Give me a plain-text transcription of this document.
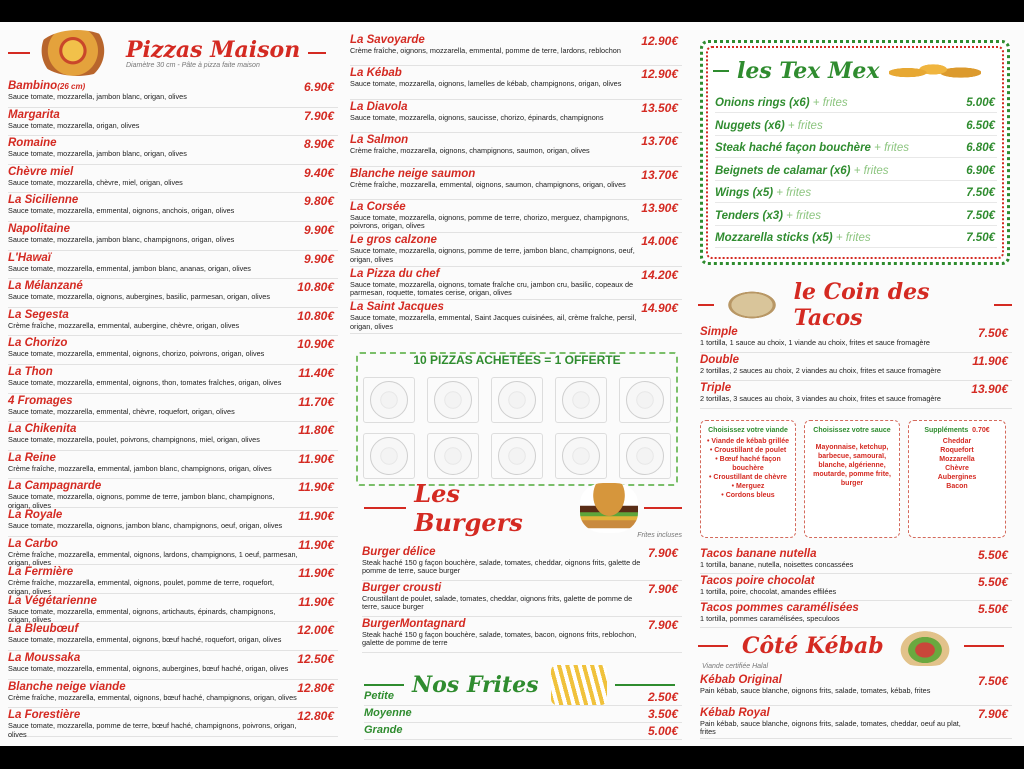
Pizzas Maison
Diamètre 30 cm - Pâte à pizza faite maison
Bambino(26 cm)
Sauce tomate, mozzarella, jambon blanc, origan, olives
6.90€
Margarita
Sauce tomate, mozzarella, origan, olives
7.90€
Romaine
Sauce tomate, mozzarella, jambon blanc, origan, olives
8.90€
Chèvre miel
Sauce tomate, mozzarella, chèvre, miel, origan, olives
9.40€
La Sicilienne
Sauce tomate, mozzarella, emmental, oignons, anchois, origan, olives
9.80€
Napolitaine
Sauce tomate, mozzarella, jambon blanc, champignons, origan, olives
9.90€
L'Hawaï
Sauce tomate, mozzarella, emmental, jambon blanc, ananas, origan, olives
9.90€
La Mélanzané
Sauce tomate, mozzarella, oignons, aubergines, basilic, parmesan, origan, olives
10.80€
La Segesta
Crème fraîche, mozzarella, emmental, aubergine, chèvre, origan, olives
10.80€
La Chorizo
Sauce tomate, mozzarella, emmental, oignons, chorizo, poivrons, origan, olives
10.90€
La Thon
Sauce tomate, mozzarella, emmental, oignons, thon, tomates fraîches, origan, olives
11.40€
4 Fromages
Sauce tomate, mozzarella, emmental, chèvre, roquefort, origan, olives
11.70€
La Chikenita
Sauce tomate, mozzarella, poulet, poivrons, champignons, miel, origan, olives
11.80€
La Reine
Crème fraîche, mozzarella, emmental, jambon blanc, champignons, origan, olives
11.90€
La Campagnarde
Sauce tomate, mozzarella, oignons, pomme de terre, jambon blanc, champignons, origan, olives
11.90€
La Royale
Sauce tomate, mozzarella, oignons, jambon blanc, champignons, oeuf, origan, olives
11.90€
La Carbo
Crème fraîche, mozzarella, emmental, oignons, lardons, champignons, 1 oeuf, parmesan, origan, olives
11.90€
La Fermière
Crème fraîche, mozzarella, emmental, oignons, poulet, pomme de terre, roquefort, origan, olives
11.90€
La Végétarienne
Sauce tomate, mozzarella, emmental, oignons, artichauts, épinards, champignons, origan, olives
11.90€
La Bleubœuf
Sauce tomate, mozzarella, emmental, oignons, bœuf haché, roquefort, origan, olives
12.00€
La Moussaka
Sauce tomate, mozzarella, emmental, oignons, aubergines, bœuf haché, origan, olives
12.50€
Blanche neige viande
Crème fraîche, mozzarella, emmental, oignons, bœuf haché, champignons, origan, olives
12.80€
La Forestière
Sauce tomate, mozzarella, pomme de terre, bœuf haché, champignons, poivrons, origan, olives
12.80€
La Savoyarde
Crème fraîche, oignons, mozzarella, emmental, pomme de terre, lardons, reblochon
12.90€
La Kébab
Sauce tomate, mozzarella, oignons, lamelles de kébab, champignons, origan, olives
12.90€
La Diavola
Sauce tomate, mozzarella, oignons, saucisse, chorizo, épinards, champignons
13.50€
La Salmon
Crème fraîche, mozzarella, oignons, champignons, saumon, origan, olives
13.70€
Blanche neige saumon
Crème fraîche, mozzarella, emmental, oignons, saumon, champignons, origan, olives
13.70€
La Corsée
Sauce tomate, mozzarella, oignons, pomme de terre, chorizo, merguez, champignons, poivrons, origan, olives
13.90€
Le gros calzone
Sauce tomate, mozzarella, oignons, pomme de terre, jambon blanc, champignons, oeuf, origan, olives
14.00€
La Pizza du chef
Sauce tomate, mozzarella, oignons, tomate fraîche cru, jambon cru, basilic, copeaux de parmesan, roquette, tomates cerise, origan, olives
14.20€
La Saint Jacques
Sauce tomate, mozzarella, emmental, Saint Jacques cuisinées, ail, crème fraîche, persil, origan, olives
14.90€
10 PIZZAS ACHETÉES = 1 OFFERTE
Les Burgers	Frites incluses
Burger délice
Steak haché 150 g façon bouchère, salade, tomates, cheddar, oignons frits, galette de pomme de terre, sauce burger
7.90€
Burger crousti
Croustillant de poulet, salade, tomates, cheddar, oignons frits, galette de pomme de terre, sauce burger
7.90€
BurgerMontagnard
Steak haché 150 g façon bouchère, salade, tomates, bacon, oignons frits, reblochon, galette de pomme de terre
7.90€
Nos Frites
Petite	2.50€
Moyenne	3.50€
Grande	5.00€
les Tex Mex
Onions rings (x6) + frites	5.00€
Nuggets (x6) + frites	6.50€
Steak haché façon bouchère + frites	6.80€
Beignets de calamar (x6) + frites	6.90€
Wings (x5) + frites	7.50€
Tenders (x3) + frites	7.50€
Mozzarella sticks (x5) + frites	7.50€
le Coin des Tacos
Simple
1 tortilla, 1 sauce au choix, 1 viande au choix, frites et sauce fromagère
7.50€
Double
2 tortillas, 2 sauces au choix, 2 viandes au choix, frites et sauce fromagère
11.90€
Triple
2 tortillas, 3 sauces au choix, 3 viandes au choix, frites et sauce fromagère
13.90€
Choisissez votre viande
• Viande de kébab grillée
• Croustillant de poulet
• Bœuf haché façon bouchère
• Croustillant de chèvre
• Merguez
• Cordons bleus
Choisissez votre sauce
Mayonnaise, ketchup, barbecue, samouraï, blanche, algérienne, moutarde, pomme frite, burger
Suppléments 0.70€
Cheddar
Roquefort
Mozzarella
Chèvre
Aubergines
Bacon
Tacos banane nutella
1 tortilla, banane, nutella, noisettes concassées
5.50€
Tacos poire chocolat
1 tortilla, poire, chocolat, amandes effilées
5.50€
Tacos pommes caramélisées
1 tortilla, pommes caramélisées, speculoos
5.50€
Côté Kébab
Viande certifiée Halal
Kébab Original
Pain kébab, sauce blanche, oignons frits, salade, tomates, kébab, frites
7.50€
Kébab Royal
Pain kébab, sauce blanche, oignons frits, salade, tomates, cheddar, oeuf au plat, frites
7.90€
